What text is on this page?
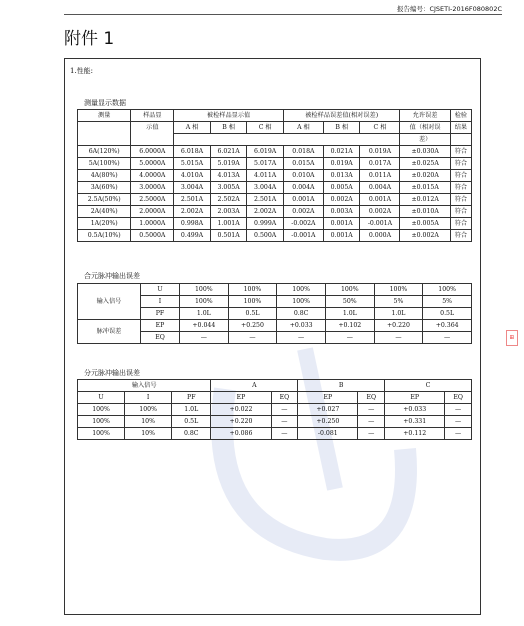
报告编号：CJSETI-2016F080802C
附件 1
1.性能:
测量显示数据
测量	样品显	被检样品显示值			被检样品误差值(相对误差)			允许误差	检验
	示值	A 相	B 相	C 相	A 相	B 相	C 相	值（相对误	结果
								差）	
6A(120%)	6.0000A	6.018A	6.021A	6.019A	0.018A	0.021A	0.019A	±0.030A	符合
5A(100%)	5.0000A	5.015A	5.019A	5.017A	0.015A	0.019A	0.017A	±0.025A	符合
4A(80%)	4.0000A	4.010A	4.013A	4.011A	0.010A	0.013A	0.011A	±0.020A	符合
3A(60%)	3.0000A	3.004A	3.005A	3.004A	0.004A	0.005A	0.004A	±0.015A	符合
2.5A(50%)	2.5000A	2.501A	2.502A	2.501A	0.001A	0.002A	0.001A	±0.012A	符合
2A(40%)	2.0000A	2.002A	2.003A	2.002A	0.002A	0.003A	0.002A	±0.010A	符合
1A(20%)	1.0000A	0.998A	1.001A	0.999A	-0.002A	0.001A	-0.001A	±0.005A	符合
0.5A(10%)	0.5000A	0.499A	0.501A	0.500A	-0.001A	0.001A	0.000A	±0.002A	符合
合元脉冲输出误差
输入信号	U	100%	100%	100%	100%	100%	100%
	I	100%	100%	100%	50%	5%	5%
	PF	1.0L	0.5L	0.8C	1.0L	1.0L	0.5L
脉冲误差	EP	+0.044	+0.250	+0.033	+0.102	+0.220	+0.364
	EQ	—	—	—	—	—	—
分元脉冲输出误差
输入信号			A		B		C	
U	I	PF	EP	EQ	EP	EQ	EP	EQ
100%	100%	1.0L	+0.022	—	+0.027	—	+0.033	—
100%	10%	0.5L	+0.220	—	+0.250	—	+0.331	—
100%	10%	0.8C	+0.086	—	-0.081	—	+0.112	—
⊞
